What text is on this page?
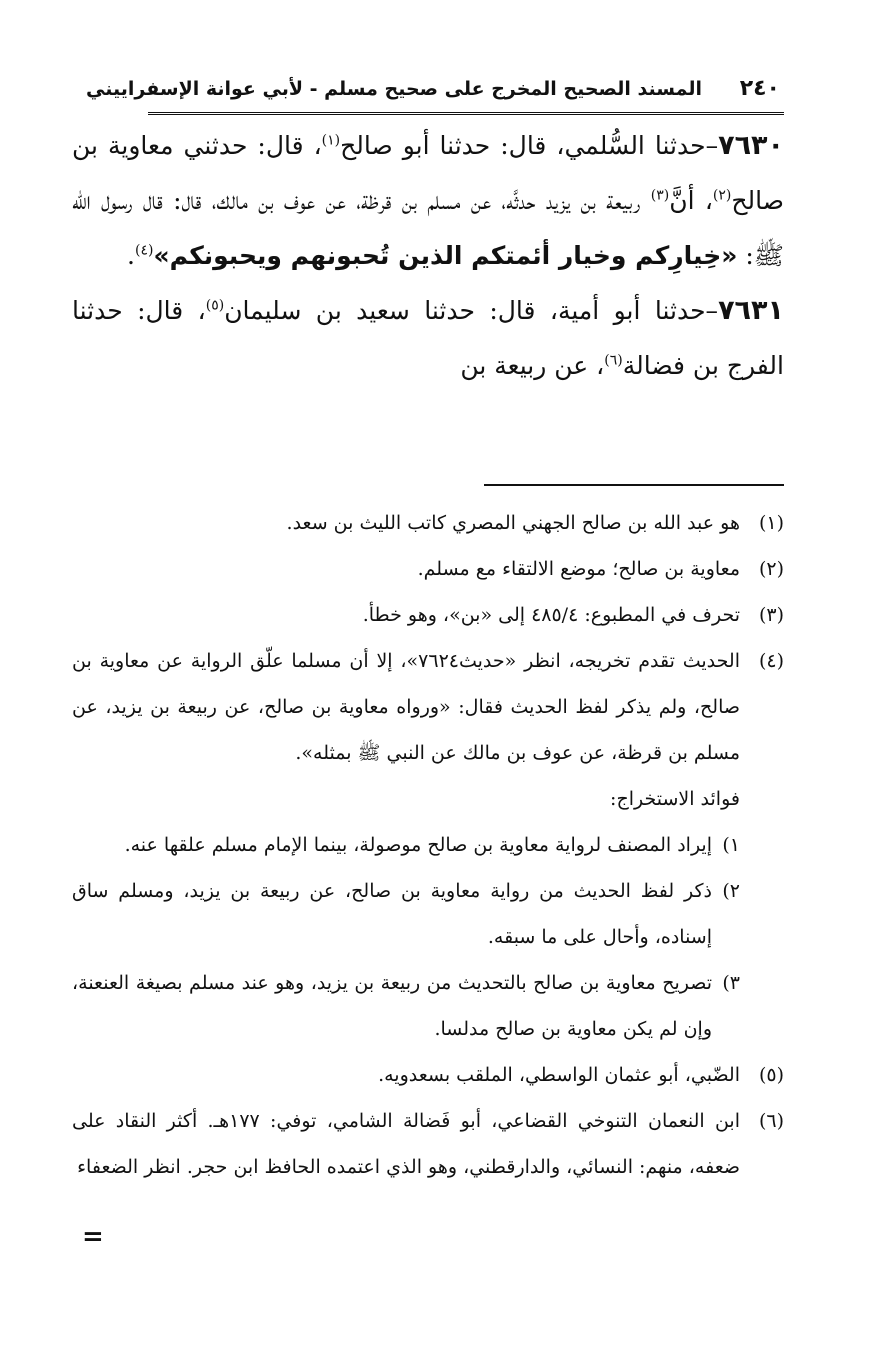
٢٤٠
المسند الصحيح المخرج على صحيح مسلم - لأبي عوانة الإسفراييني

٧٦٣٠–حدثنا السُّلمي، قال: حدثنا أبو صالح$^{(١)}$، قال: حدثني معاوية بن صالح$^{(٢)}$، أنَّ$^{(٣)}$ ربيعة بن يزيد حدثَّه، عن مسلم بن قرظة، عن عوف بن مالك، قال: قال رسول الله ﷺ: «خِيارِكم وخيار أئمتكم الذين تُحبونهم ويحبونكم»$^{(٤)}$.

٧٦٣١–حدثنا أبو أمية، قال: حدثنا سعيد بن سليمان$^{(٥)}$، قال: حدثنا الفرج بن فضالة$^{(٦)}$، عن ربيعة بن

(١)
هو عبد الله بن صالح الجهني المصري كاتب الليث بن سعد.
(٢)
معاوية بن صالح؛ موضع الالتقاء مع مسلم.
(٣)
تحرف في المطبوع: ٤٨٥/٤ إلى «بن»، وهو خطأ.
(٤)
الحديث تقدم تخريجه، انظر «حديث٧٦٢٤»، إلا أن مسلما علّق الرواية عن معاوية بن صالح، ولم يذكر لفظ الحديث فقال: «ورواه معاوية بن صالح، عن ربيعة بن يزيد، عن مسلم بن قرظة، عن عوف بن مالك عن النبي ﷺ بمثله».
فوائد الاستخراج:
١)
إيراد المصنف لرواية معاوية بن صالح موصولة، بينما الإمام مسلم علقها عنه.
٢)
ذكر لفظ الحديث من رواية معاوية بن صالح، عن ربيعة بن يزيد، ومسلم ساق إسناده، وأحال على ما سبقه.
٣)
تصريح معاوية بن صالح بالتحديث من ربيعة بن يزيد، وهو عند مسلم بصيغة العنعنة، وإن لم يكن معاوية بن صالح مدلسا.
(٥)
الضّبي، أبو عثمان الواسطي، الملقب بسعدويه.
(٦)
ابن النعمان التنوخي القضاعي، أبو فَضالة الشامي، توفي: ١٧٧هـ. أكثر النقاد على ضعفه، منهم: النسائي، والدارقطني، وهو الذي اعتمده الحافظ ابن حجر. انظر الضعفاء
=
